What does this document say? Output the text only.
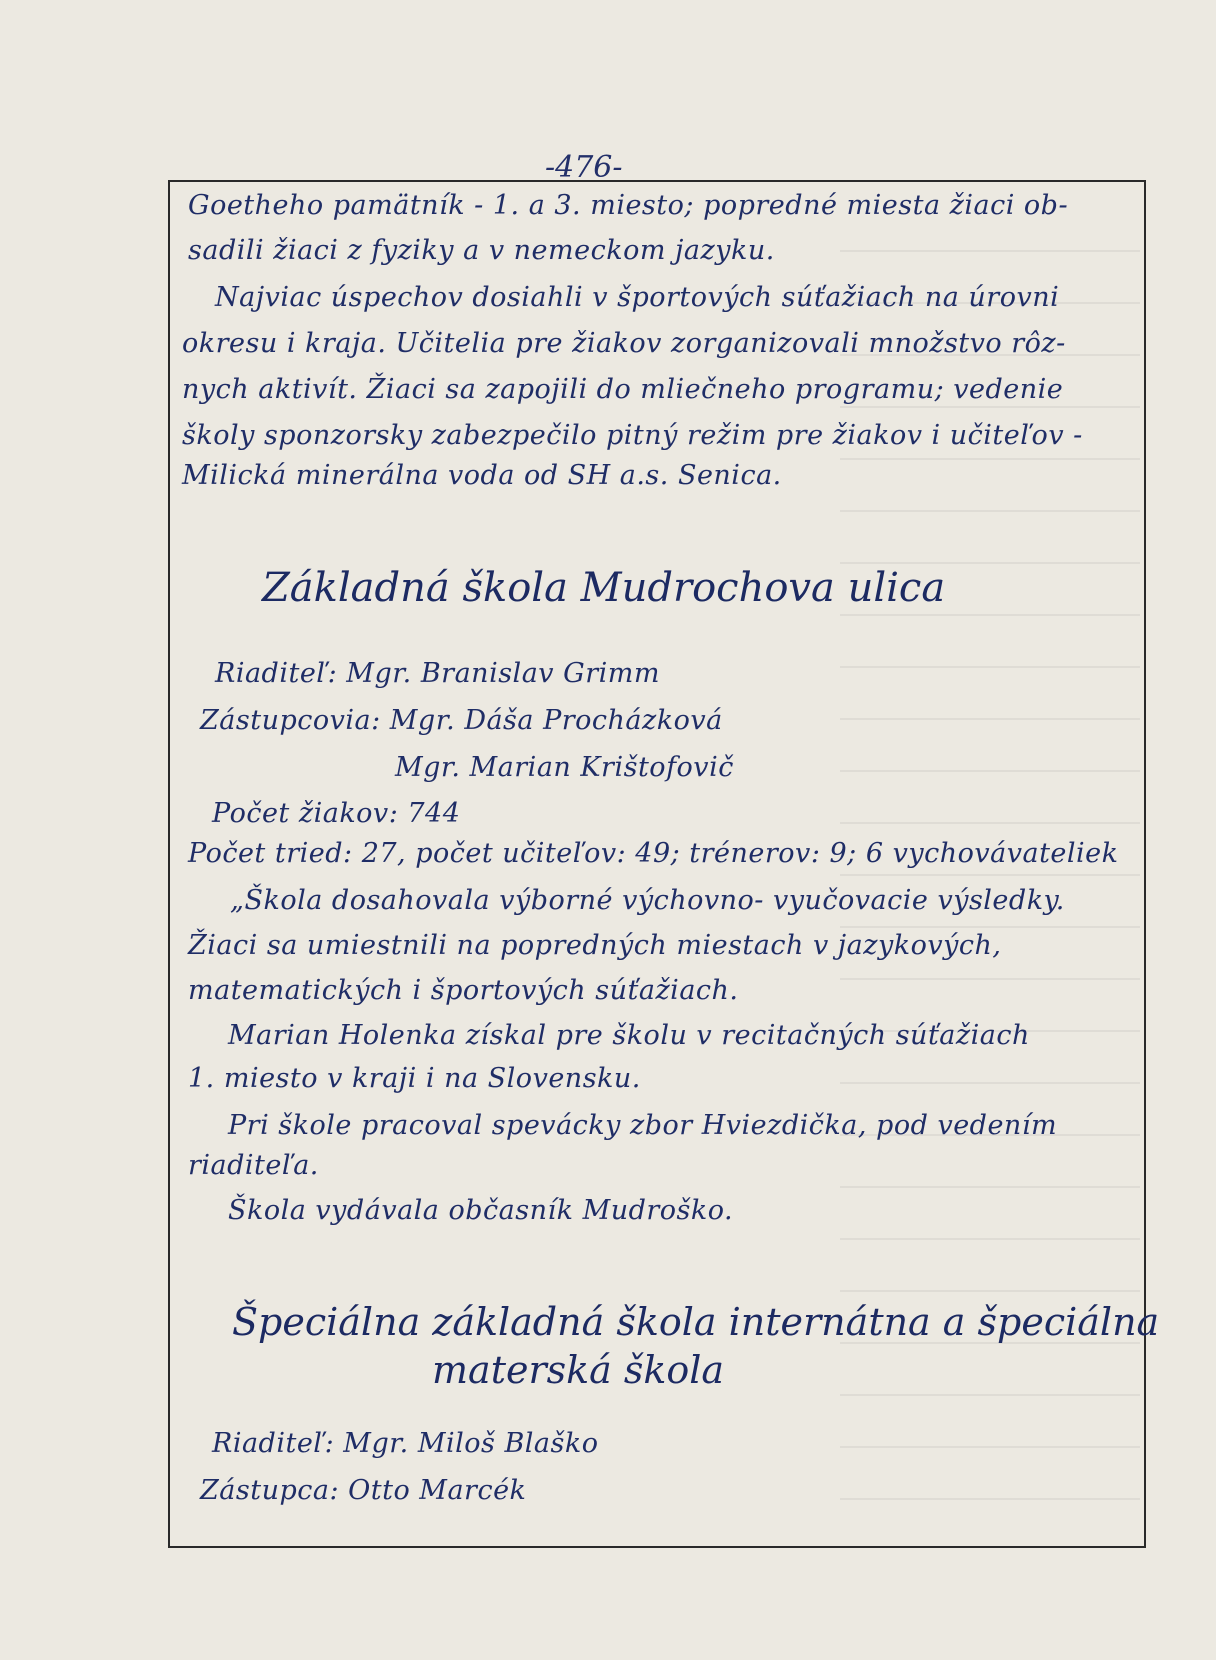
-476-
Goetheho pamätník - 1. a 3. miesto; popredné miesta žiaci ob-
sadili žiaci z fyziky a v nemeckom jazyku.
Najviac úspechov dosiahli v športových súťažiach na úrovni
okresu i kraja. Učitelia pre žiakov zorganizovali množstvo rôz-
nych aktivít. Žiaci sa zapojili do mliečneho programu; vedenie
školy sponzorsky zabezpečilo pitný režim pre žiakov i učiteľov -
Milická minerálna voda od SH a.s. Senica.
Základná škola Mudrochova ulica
Riaditeľ: Mgr. Branislav Grimm
Zástupcovia: Mgr. Dáša Procházková
Mgr. Marian Krištofovič
Počet žiakov: 744
Počet tried: 27, počet učiteľov: 49; trénerov: 9; 6 vychovávateliek
„Škola dosahovala výborné výchovno- vyučovacie výsledky.
Žiaci sa umiestnili na popredných miestach v jazykových,
matematických i športových súťažiach.
Marian Holenka získal pre školu v recitačných súťažiach
1. miesto v kraji i na Slovensku.
Pri škole pracoval spevácky zbor Hviezdička, pod vedením
riaditeľa.
Škola vydávala občasník Mudroško.
Špeciálna základná škola internátna a špeciálna
materská škola
Riaditeľ: Mgr. Miloš Blaško
Zástupca: Otto Marcék
